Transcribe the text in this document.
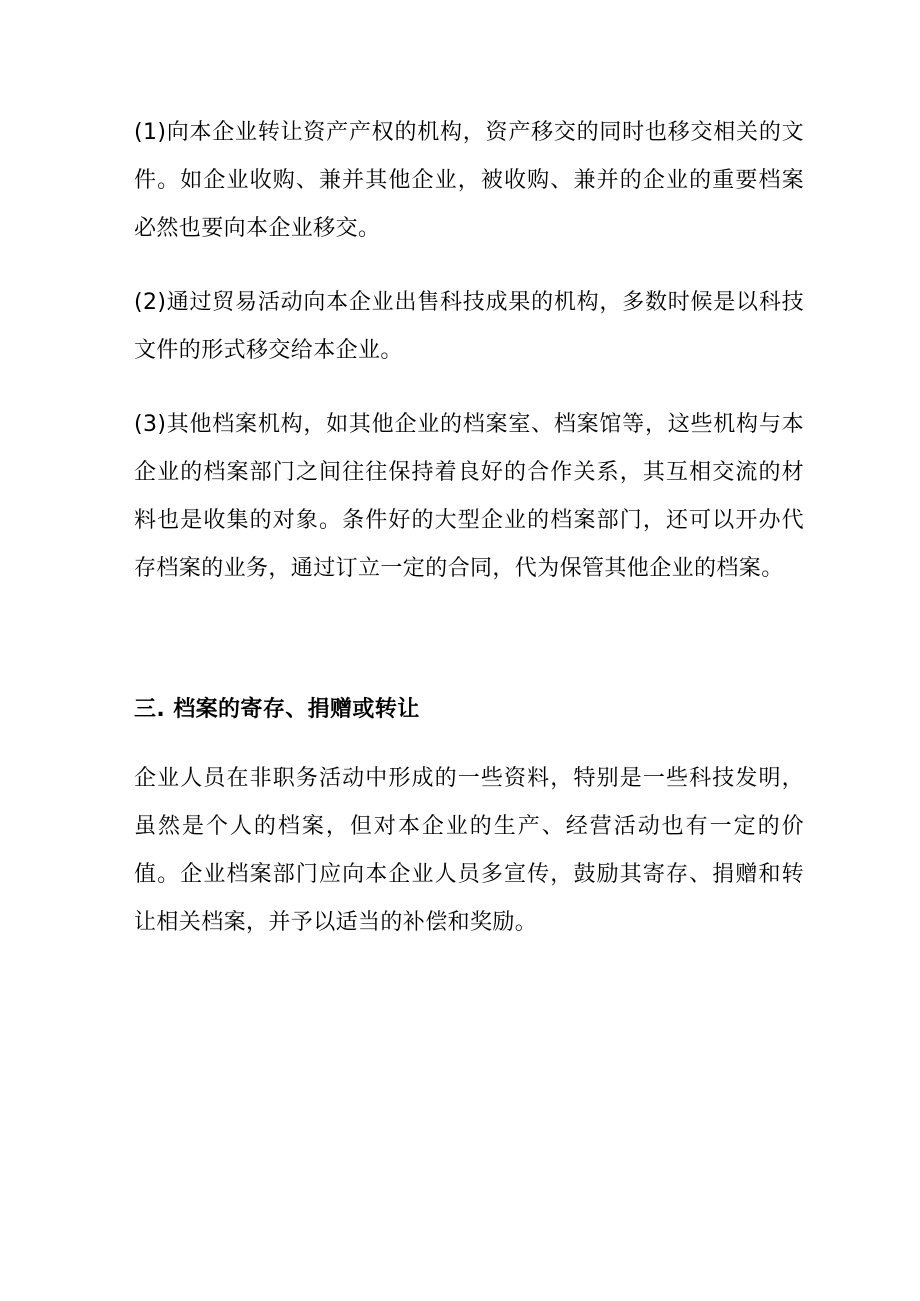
(1)向本企业转让资产产权的机构，资产移交的同时也移交相关的文件。如企业收购、兼并其他企业，被收购、兼并的企业的重要档案必然也要向本企业移交。

(2)通过贸易活动向本企业出售科技成果的机构，多数时候是以科技文件的形式移交给本企业。

(3)其他档案机构，如其他企业的档案室、档案馆等，这些机构与本企业的档案部门之间往往保持着良好的合作关系，其互相交流的材料也是收集的对象。条件好的大型企业的档案部门，还可以开办代存档案的业务，通过订立一定的合同，代为保管其他企业的档案。

三. 档案的寄存、捐赠或转让

企业人员在非职务活动中形成的一些资料，特别是一些科技发明，虽然是个人的档案，但对本企业的生产、经营活动也有一定的价值。企业档案部门应向本企业人员多宣传，鼓励其寄存、捐赠和转让相关档案，并予以适当的补偿和奖励。
